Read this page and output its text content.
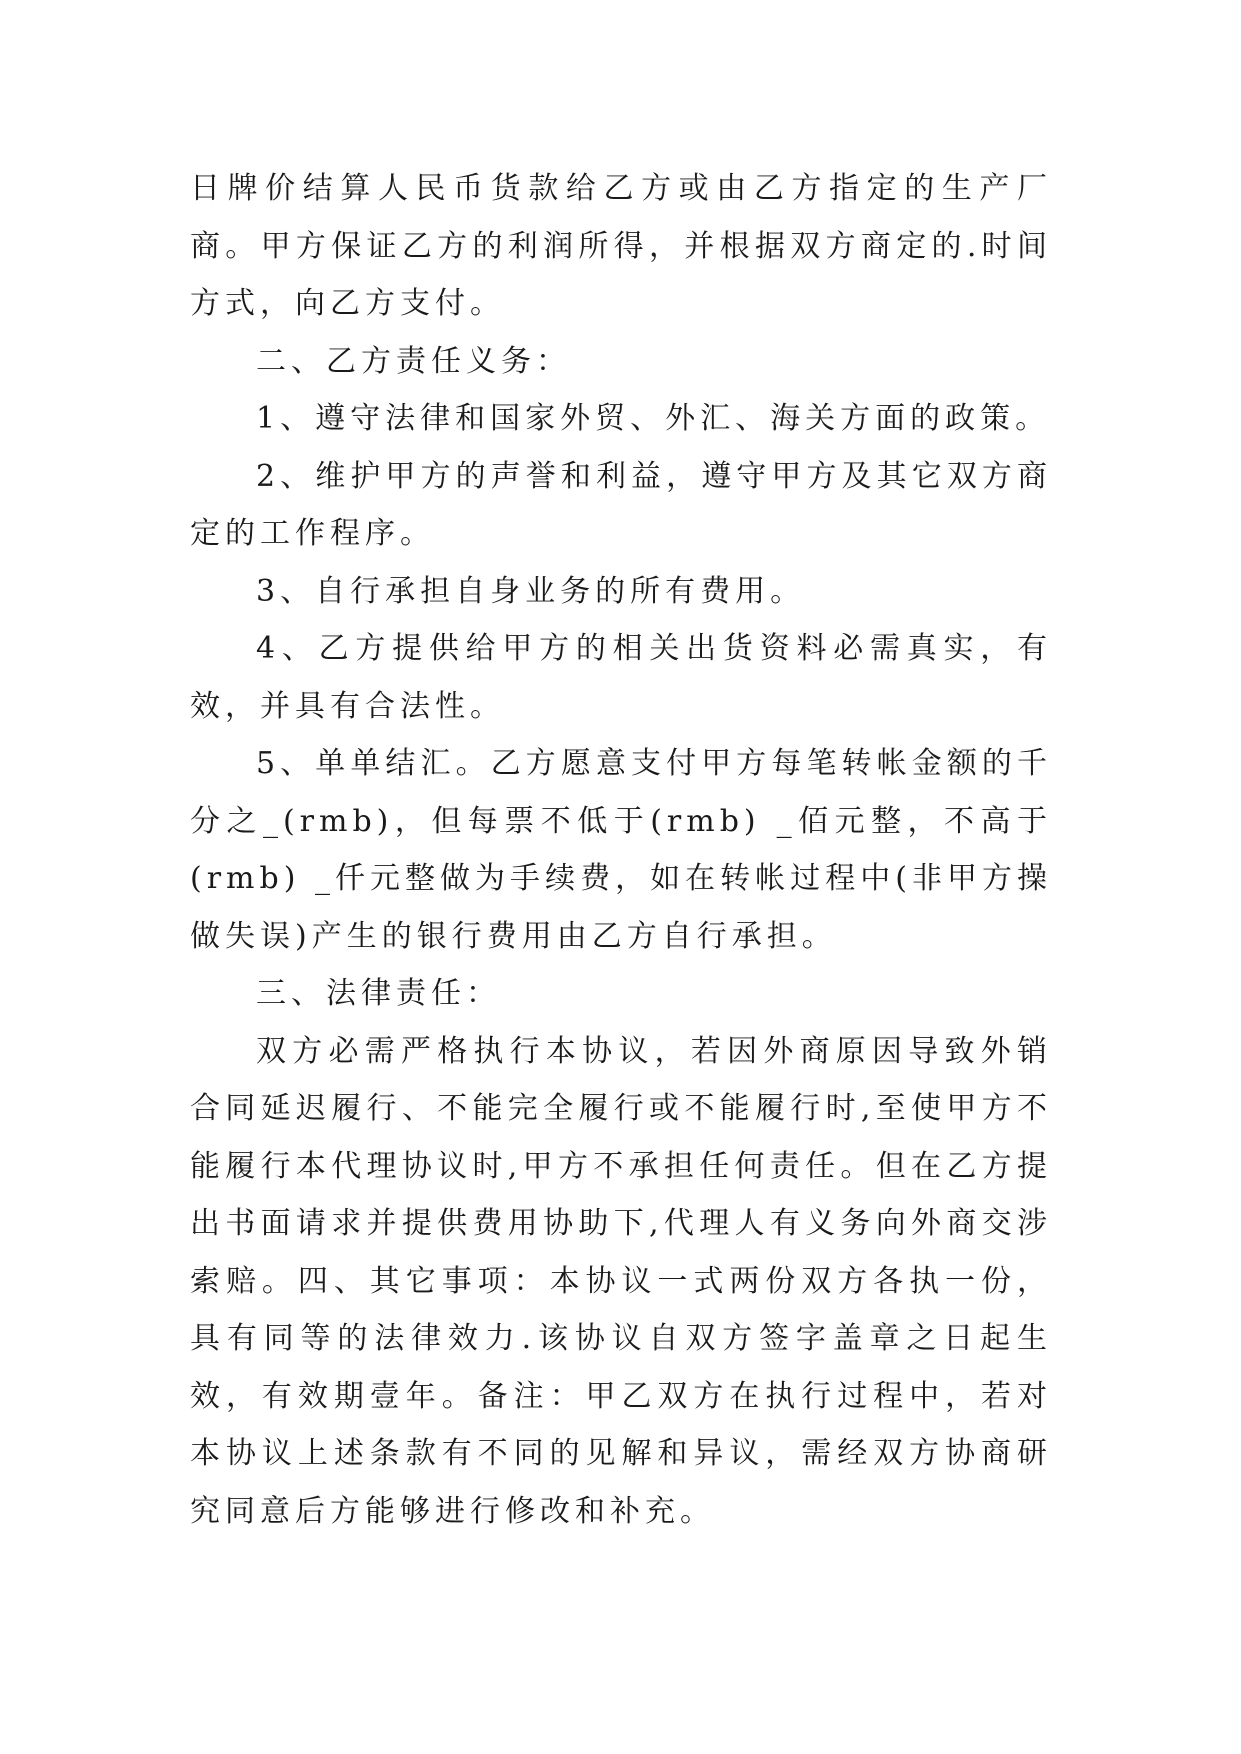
日牌价结算人民币货款给乙方或由乙方指定的生产厂商。甲方保证乙方的利润所得，并根据双方商定的.时间方式，向乙方支付。

二、乙方责任义务：

1、遵守法律和国家外贸、外汇、海关方面的政策。

2、维护甲方的声誉和利益，遵守甲方及其它双方商定的工作程序。

3、自行承担自身业务的所有费用。

4、乙方提供给甲方的相关出货资料必需真实，有效，并具有合法性。

5、单单结汇。乙方愿意支付甲方每笔转帐金额的千分之_(rmb)，但每票不低于(rmb) _佰元整，不高于(rmb) _仟元整做为手续费，如在转帐过程中(非甲方操做失误)产生的银行费用由乙方自行承担。

三、法律责任：

双方必需严格执行本协议，若因外商原因导致外销合同延迟履行、不能完全履行或不能履行时,至使甲方不能履行本代理协议时,甲方不承担任何责任。但在乙方提出书面请求并提供费用协助下,代理人有义务向外商交涉索赔。四、其它事项：本协议一式两份双方各执一份，具有同等的法律效力.该协议自双方签字盖章之日起生效，有效期壹年。备注：甲乙双方在执行过程中，若对本协议上述条款有不同的见解和异议，需经双方协商研究同意后方能够进行修改和补充。
